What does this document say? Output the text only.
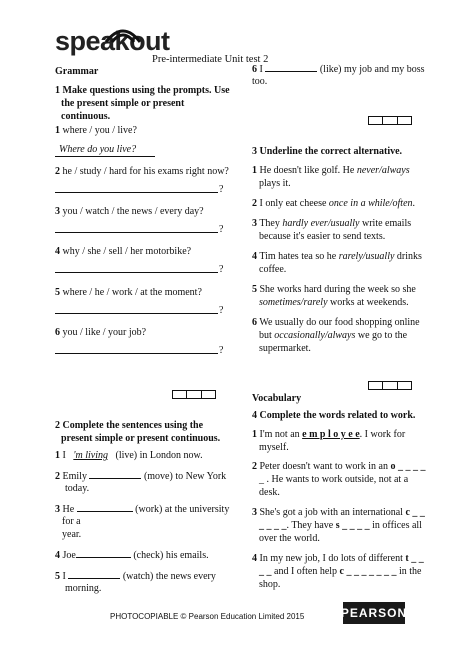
speakout
Pre-intermediate Unit test 2
Grammar
1 Make questions using the prompts. Use
the present simple or present
continuous.
1 where / you / live?
Where do you live?
2 he / study / hard for his exams right now?
?
3 you / watch / the news / every day?
?
4 why / she / sell / her motorbike?
?
5 where / he / work / at the moment?
?
6 you / like / your job?
?
2 Complete the sentences using the
present simple or present continuous.
1 I 'm living (live) in London now.
2 Emily	(move) to New York
today.
3 He	(work) at the university
for a
year.
4 Joe	(check) his emails.
5 I	(watch) the news every
morning.
6 I	(like) my job and my boss
too.
3 Underline the correct alternative.
1 He doesn't like golf. He never/always
plays it.
2 I only eat cheese once in a while/often.
3 They hardly ever/usually write emails
because it's easier to send texts.
4 Tim hates tea so he rarely/usually drinks
coffee.
5 She works hard during the week so she
sometimes/rarely works at weekends.
6 We usually do our food shopping online
but occasionally/always we go to the
supermarket.
Vocabulary
4 Complete the words related to work.
1 I'm not an e m p l o y e e. I work for
myself.
2 Peter doesn't want to work in an o _ _ _ _
_ . He wants to work outside, not at a
desk.
3 She's got a job with an international c _ _
_ _ _ _. They have s _ _ _ _ in offices all
over the world.
4 In my new job, I do lots of different t _ _
_ _ and I often help c _ _ _ _ _ _ _ in the
shop.
PHOTOCOPIABLE © Pearson Education Limited 2015	PEARSON
